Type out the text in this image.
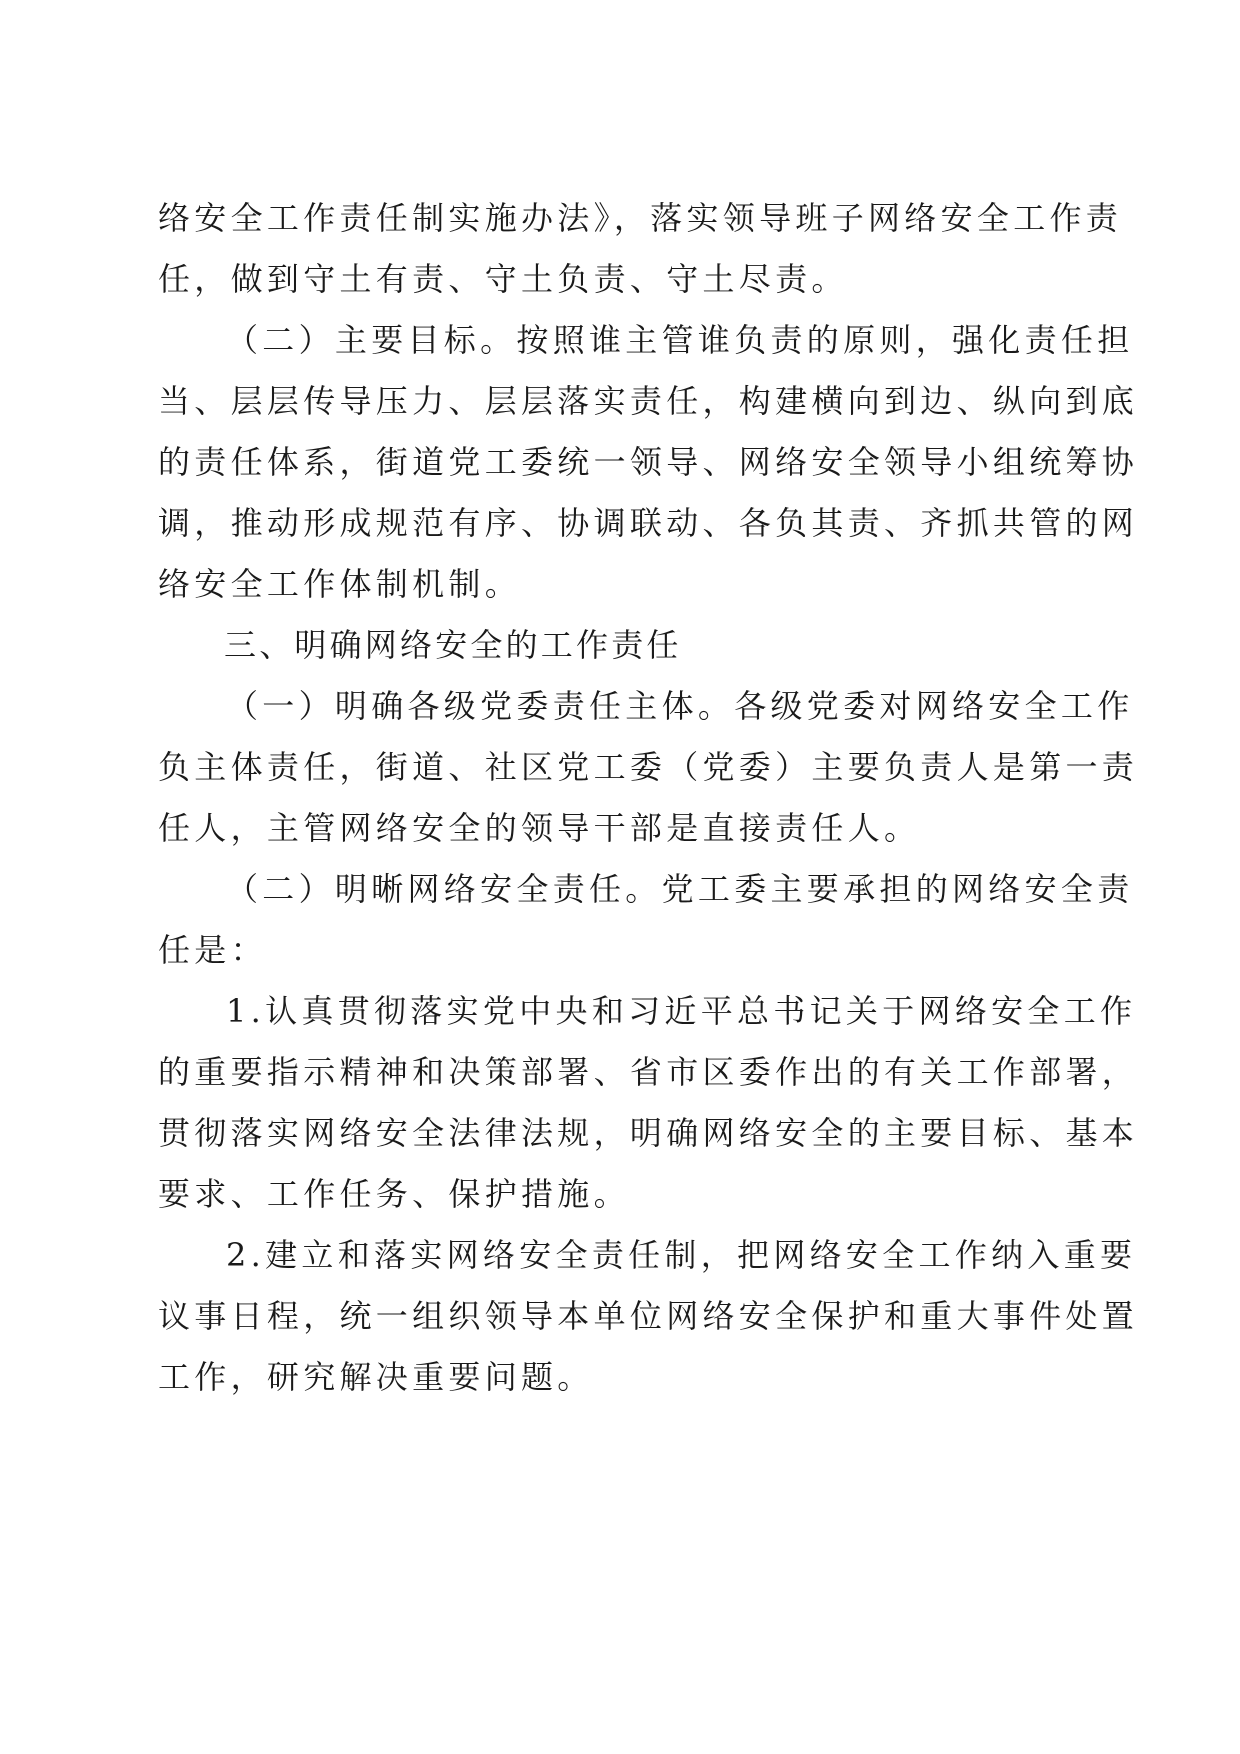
络安全工作责任制实施办法》，落实领导班子网络安全工作责
任，做到守土有责、守土负责、守土尽责。
（二）主要目标。按照谁主管谁负责的原则，强化责任担
当、层层传导压力、层层落实责任，构建横向到边、纵向到底
的责任体系，街道党工委统一领导、网络安全领导小组统筹协
调，推动形成规范有序、协调联动、各负其责、齐抓共管的网
络安全工作体制机制。
三、明确网络安全的工作责任
（一）明确各级党委责任主体。各级党委对网络安全工作
负主体责任，街道、社区党工委（党委）主要负责人是第一责
任人，主管网络安全的领导干部是直接责任人。
（二）明晰网络安全责任。党工委主要承担的网络安全责
任是：
1.认真贯彻落实党中央和习近平总书记关于网络安全工作
的重要指示精神和决策部署、省市区委作出的有关工作部署，
贯彻落实网络安全法律法规，明确网络安全的主要目标、基本
要求、工作任务、保护措施。
2.建立和落实网络安全责任制，把网络安全工作纳入重要
议事日程，统一组织领导本单位网络安全保护和重大事件处置
工作，研究解决重要问题。
